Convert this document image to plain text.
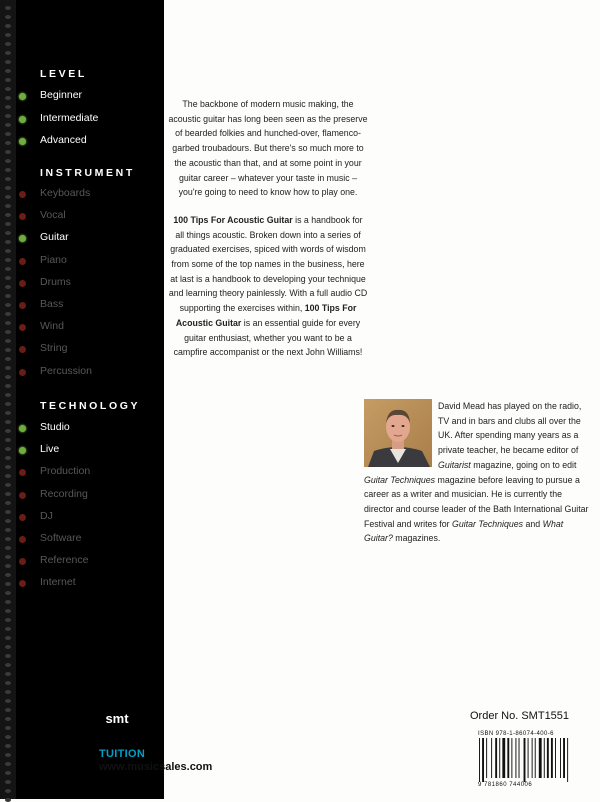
LEVEL
Beginner
Intermediate
Advanced
INSTRUMENT
Keyboards
Vocal
Guitar
Piano
Drums
Bass
Wind
String
Percussion
TECHNOLOGY
Studio
Live
Production
Recording
DJ
Software
Reference
Internet

The backbone of modern music making, the acoustic guitar has long been seen as the preserve of bearded folkies and hunched-over, flamenco-garbed troubadours. But there's so much more to the acoustic than that, and at some point in your guitar career – whatever your taste in music – you're going to need to know how to play one.

100 Tips For Acoustic Guitar is a handbook for all things acoustic. Broken down into a series of graduated exercises, spiced with words of wisdom from some of the top names in the business, here at last is a handbook to developing your technique and learning theory painlessly. With a full audio CD supporting the exercises within, 100 Tips For Acoustic Guitar is an essential guide for every guitar enthusiast, whether you want to be a campfire accompanist or the next John Williams!

David Mead has played on the radio, TV and in bars and clubs all over the UK. After spending many years as a private teacher, he became editor of Guitarist magazine, going on to edit Guitar Techniques magazine before leaving to pursue a career as a writer and musician. He is currently the director and course leader of the Bath International Guitar Festival and writes for Guitar Techniques and What Guitar? magazines.
smt
TUITION
www.musicsales.com
Order No. SMT1551
ISBN 978-1-86074-400-6
9 781860 744006
